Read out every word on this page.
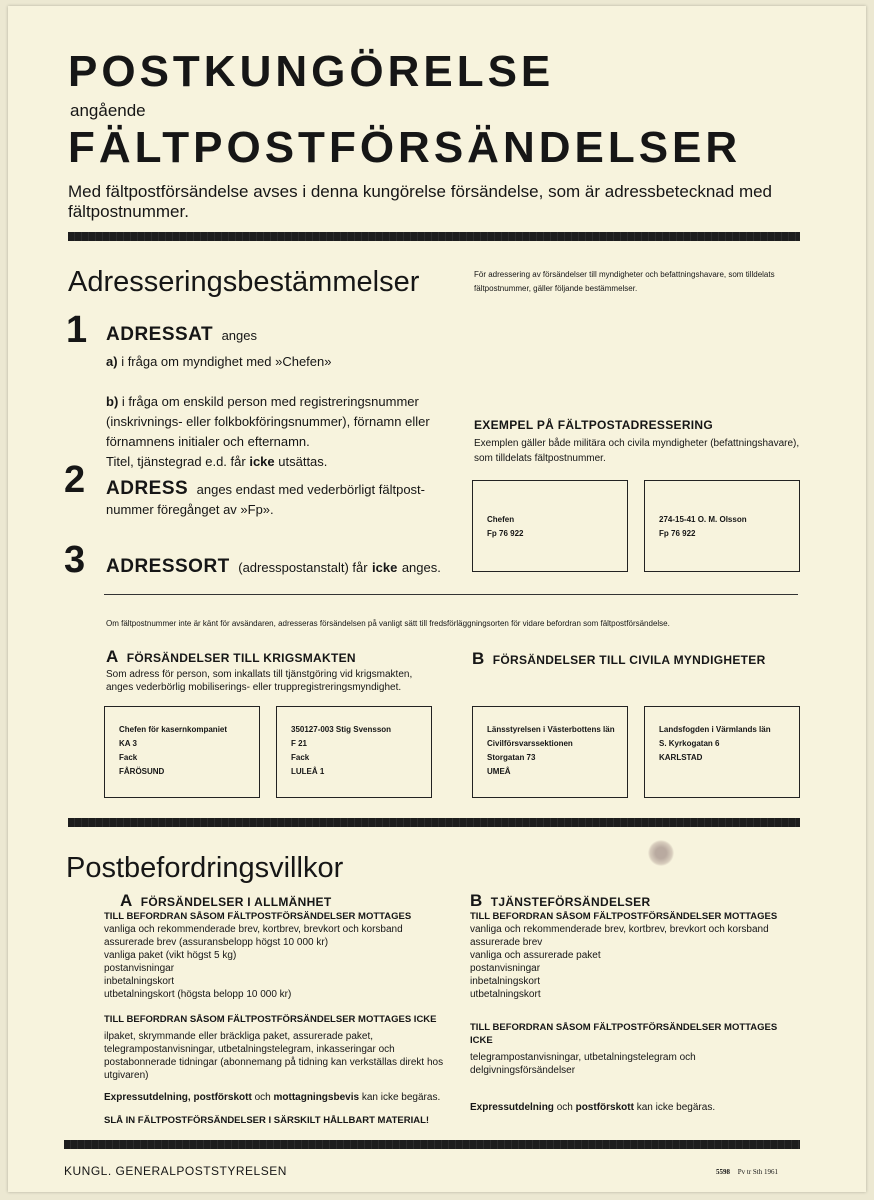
POSTKUNGÖRELSE
angående
FÄLTPOSTFÖRSÄNDELSER
Med fältpostförsändelse avses i denna kungörelse försändelse, som är adressbetecknad med fältpostnummer.
Adresseringsbestämmelser	För adressering av försändelser till myndigheter och befattningshavare, som tilldelats fältpostnummer, gäller följande bestämmelser.
1 ADRESSAT anges
a) i fråga om myndighet med »Chefen»
b) i fråga om enskild person med registreringsnummer (inskrivnings- eller folkbokföringsnummer), förnamn eller förnamnens initialer och efternamn.
Titel, tjänstegrad e.d. får icke utsättas.
2 ADRESS anges endast med vederbörligt fältpost-nummer föregånget av »Fp».
3 ADRESSORT (adresspostanstalt) får icke anges.
EXEMPEL PÅ FÄLTPOSTADRESSERING
Exemplen gäller både militära och civila myndigheter (befattningshavare), som tilldelats fältpostnummer.
Chefen
Fp 76 922
274-15-41 O. M. Olsson
Fp 76 922
Om fältpostnummer inte är känt för avsändaren, adresseras försändelsen på vanligt sätt till fredsförläggningsorten för vidare befordran som fältpostförsändelse.
A FÖRSÄNDELSER TILL KRIGSMAKTEN
Som adress för person, som inkallats till tjänstgöring vid krigsmakten, anges vederbörlig mobiliserings- eller truppregistreringsmyndighet.
Chefen för kasernkompaniet
KA 3
Fack
FÅRÖSUND
350127-003 Stig Svensson
F 21
Fack
LULEÅ 1
B FÖRSÄNDELSER TILL CIVILA MYNDIGHETER
Länsstyrelsen i Västerbottens län
Civilförsvarssektionen
Storgatan 73
UMEÅ
Landsfogden i Värmlands län
S. Kyrkogatan 6
KARLSTAD
Postbefordringsvillkor
A FÖRSÄNDELSER I ALLMÄNHET
TILL BEFORDRAN SÅSOM FÄLTPOSTFÖRSÄNDELSER MOTTAGES
vanliga och rekommenderade brev, kortbrev, brevkort och korsband
assurerade brev (assuransbelopp högst 10 000 kr)
vanliga paket (vikt högst 5 kg)
postanvisningar
inbetalningskort
utbetalningskort (högsta belopp 10 000 kr)
TILL BEFORDRAN SÅSOM FÄLTPOSTFÖRSÄNDELSER MOTTAGES ICKE
ilpaket, skrymmande eller bräckliga paket, assurerade paket, telegrampostanvisningar, utbetalningstelegram, inkasseringar och postabonnerade tidningar (abonnemang på tidning kan verkställas direkt hos utgivaren)
Expressutdelning, postförskott och mottagningsbevis kan icke begäras.
SLÅ IN FÄLTPOSTFÖRSÄNDELSER I SÄRSKILT HÅLLBART MATERIAL!
B TJÄNSTEFÖRSÄNDELSER
TILL BEFORDRAN SÅSOM FÄLTPOSTFÖRSÄNDELSER MOTTAGES
vanliga och rekommenderade brev, kortbrev, brevkort och korsband
assurerade brev
vanliga och assurerade paket
postanvisningar
inbetalningskort
utbetalningskort
TILL BEFORDRAN SÅSOM FÄLTPOSTFÖRSÄNDELSER MOTTAGES ICKE
telegrampostanvisningar, utbetalningstelegram och delgivningsförsändelser
Expressutdelning och postförskott kan icke begäras.
KUNGL. GENERALPOSTSTYRELSEN	5598 Pv tr Sth 1961
